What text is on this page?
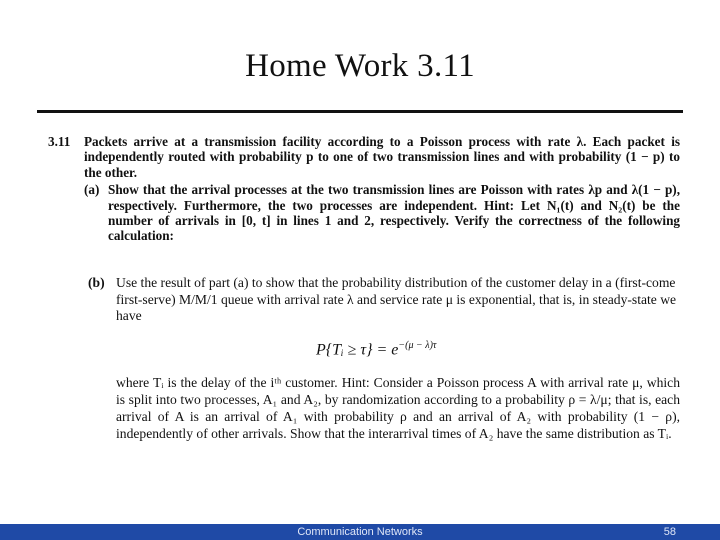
Home Work 3.11
3.11	Packets arrive at a transmission facility according to a Poisson process with rate λ. Each packet is independently routed with probability p to one of two transmission lines and with probability (1 − p) to the other.
(a) Show that the arrival processes at the two transmission lines are Poisson with rates λp and λ(1 − p), respectively. Furthermore, the two processes are independent. Hint: Let N₁(t) and N₂(t) be the number of arrivals in [0, t] in lines 1 and 2, respectively. Verify the correctness of the following calculation:
(b) Use the result of part (a) to show that the probability distribution of the customer delay in a (first-come first-serve) M/M/1 queue with arrival rate λ and service rate μ is exponential, that is, in steady-state we have
P{Tᵢ ≥ $\tau\} = e^{-(\mu - \lambda)\tau}$
where Tᵢ is the delay of the iᵗʰ customer. Hint: Consider a Poisson process A with arrival rate μ, which is split into two processes, A₁ and A₂, by randomization according to a probability ρ = λ/μ; that is, each arrival of A is an arrival of A₁ with probability ρ and an arrival of A₂ with probability (1 − ρ), independently of other arrivals. Show that the interarrival times of A₂ have the same distribution as Tᵢ.
Communication Networks	58
